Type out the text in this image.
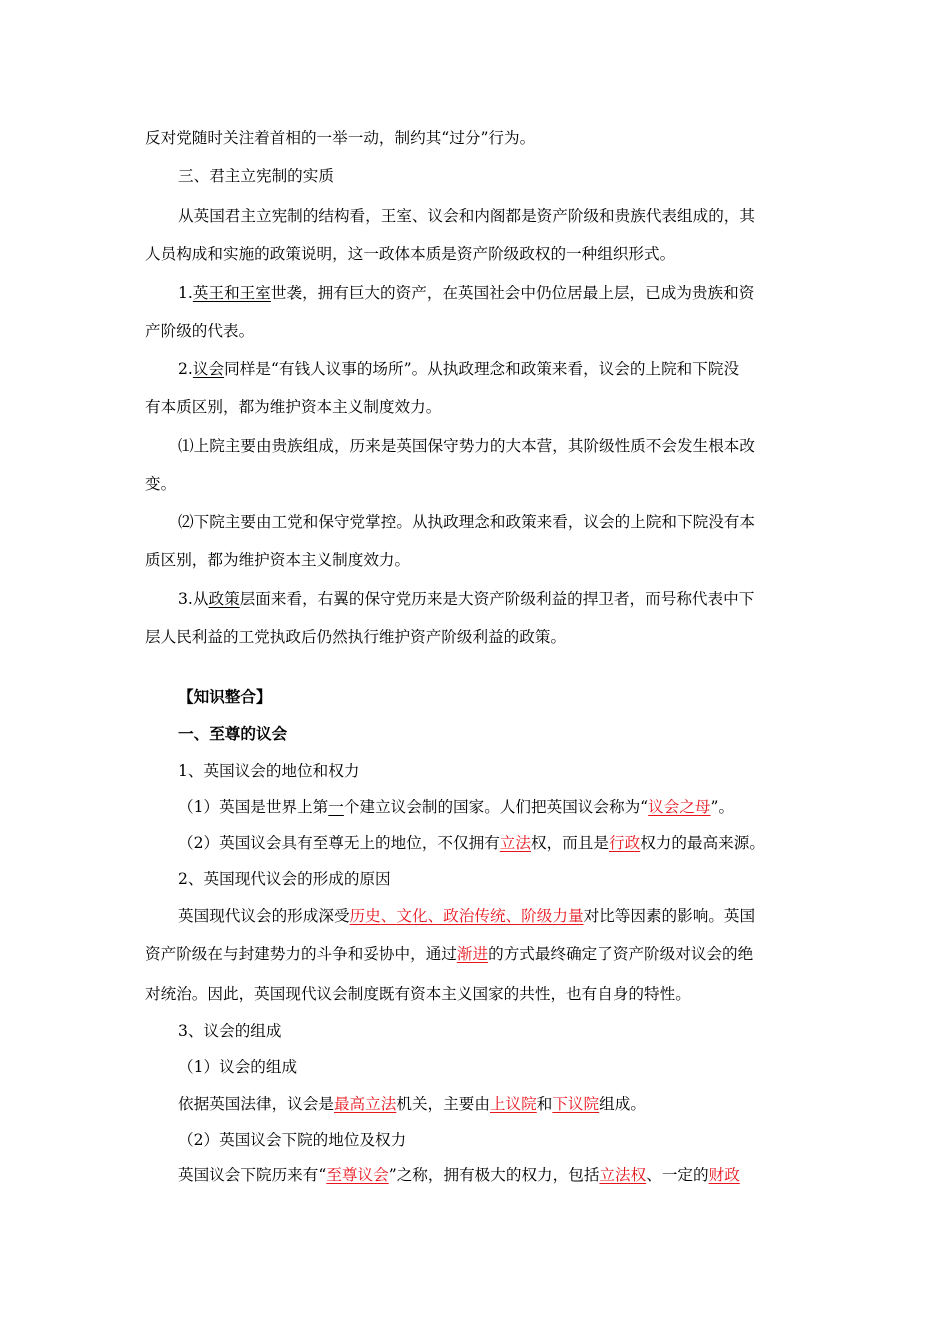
反对党随时关注着首相的一举一动，制约其“过分”行为。
三、君主立宪制的实质
从英国君主立宪制的结构看，王室、议会和内阁都是资产阶级和贵族代表组成的，其
人员构成和实施的政策说明，这一政体本质是资产阶级政权的一种组织形式。
1.英王和王室世袭，拥有巨大的资产，在英国社会中仍位居最上层，已成为贵族和资
产阶级的代表。
2.议会同样是“有钱人议事的场所”。从执政理念和政策来看，议会的上院和下院没
有本质区别，都为维护资本主义制度效力。
⑴上院主要由贵族组成，历来是英国保守势力的大本营，其阶级性质不会发生根本改
变。
⑵下院主要由工党和保守党掌控。从执政理念和政策来看，议会的上院和下院没有本
质区别，都为维护资本主义制度效力。
3.从政策层面来看，右翼的保守党历来是大资产阶级利益的捍卫者，而号称代表中下
层人民利益的工党执政后仍然执行维护资产阶级利益的政策。
【知识整合】
一、至尊的议会
1、英国议会的地位和权力
（1）英国是世界上第一个建立议会制的国家。人们把英国议会称为“议会之母”。
（2）英国议会具有至尊无上的地位，不仅拥有立法权，而且是行政权力的最高来源。
2、英国现代议会的形成的原因
英国现代议会的形成深受历史、文化、政治传统、阶级力量对比等因素的影响。英国
资产阶级在与封建势力的斗争和妥协中，通过渐进的方式最终确定了资产阶级对议会的绝
对统治。因此，英国现代议会制度既有资本主义国家的共性，也有自身的特性。
3、议会的组成
（1）议会的组成
依据英国法律，议会是最高立法机关，主要由上议院和下议院组成。
（2）英国议会下院的地位及权力
英国议会下院历来有“至尊议会”之称，拥有极大的权力，包括立法权、一定的财政
